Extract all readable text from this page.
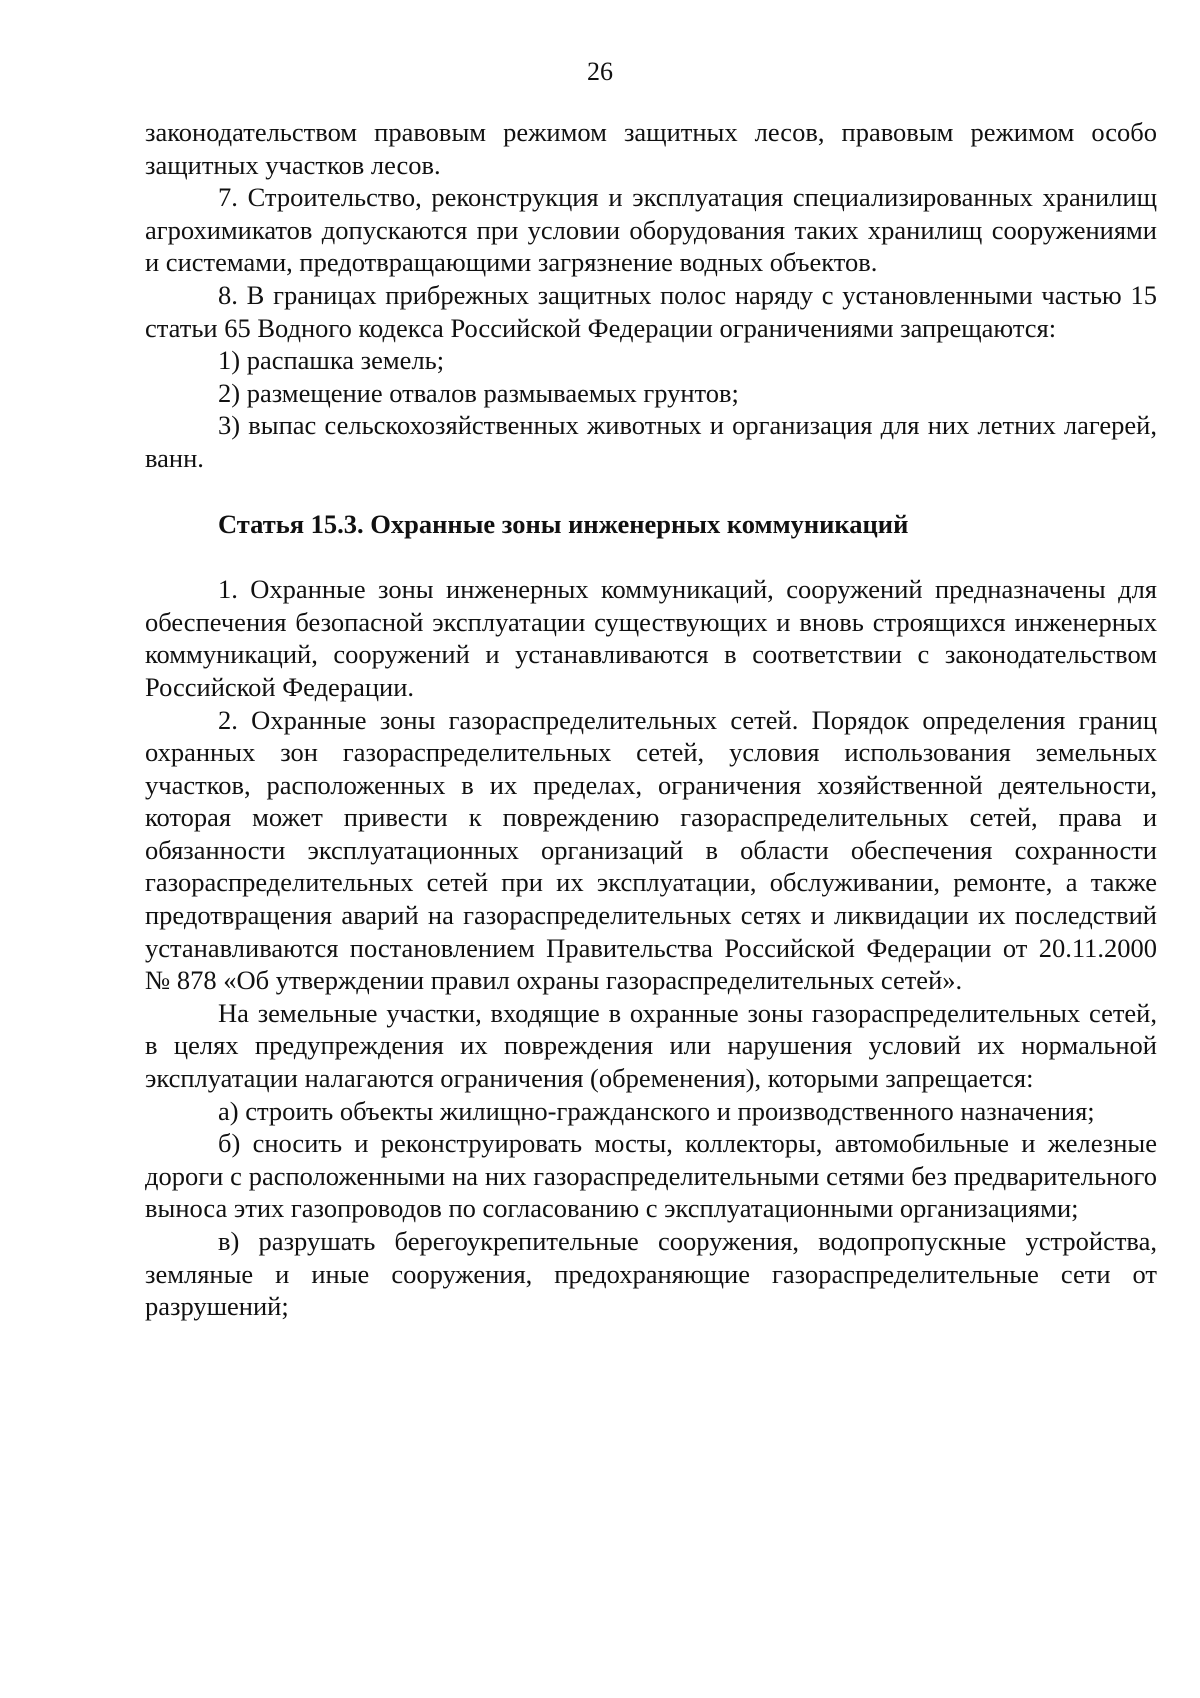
26

законодательством правовым режимом защитных лесов, правовым режимом особо защитных участков лесов.

7. Строительство, реконструкция и эксплуатация специализированных хранилищ агрохимикатов допускаются при условии оборудования таких хранилищ сооружениями и системами, предотвращающими загрязнение водных объектов.

8. В границах прибрежных защитных полос наряду с установленными частью 15 статьи 65 Водного кодекса Российской Федерации ограничениями запрещаются:

1) распашка земель;

2) размещение отвалов размываемых грунтов;

3) выпас сельскохозяйственных животных и организация для них летних лагерей, ванн.

Статья 15.3. Охранные зоны инженерных коммуникаций

1. Охранные зоны инженерных коммуникаций, сооружений предназначены для обеспечения безопасной эксплуатации существующих и вновь строящихся инженерных коммуникаций, сооружений и устанавливаются в соответствии с законодательством Российской Федерации.

2. Охранные зоны газораспределительных сетей. Порядок определения границ охранных зон газораспределительных сетей, условия использования земельных участков, расположенных в их пределах, ограничения хозяйственной деятельности, которая может привести к повреждению газораспределительных сетей, права и обязанности эксплуатационных организаций в области обеспечения сохранности газораспределительных сетей при их эксплуатации, обслуживании, ремонте, а также предотвращения аварий на газораспределительных сетях и ликвидации их последствий устанавливаются постановлением Правительства Российской Федерации от 20.11.2000 № 878 «Об утверждении правил охраны газораспределительных сетей».

На земельные участки, входящие в охранные зоны газораспределительных сетей, в целях предупреждения их повреждения или нарушения условий их нормальной эксплуатации налагаются ограничения (обременения), которыми запрещается:

а) строить объекты жилищно-гражданского и производственного назначения;

б) сносить и реконструировать мосты, коллекторы, автомобильные и железные дороги с расположенными на них газораспределительными сетями без предварительного выноса этих газопроводов по согласованию с эксплуатационными организациями;

в) разрушать берегоукрепительные сооружения, водопропускные устройства, земляные и иные сооружения, предохраняющие газораспределительные сети от разрушений;
